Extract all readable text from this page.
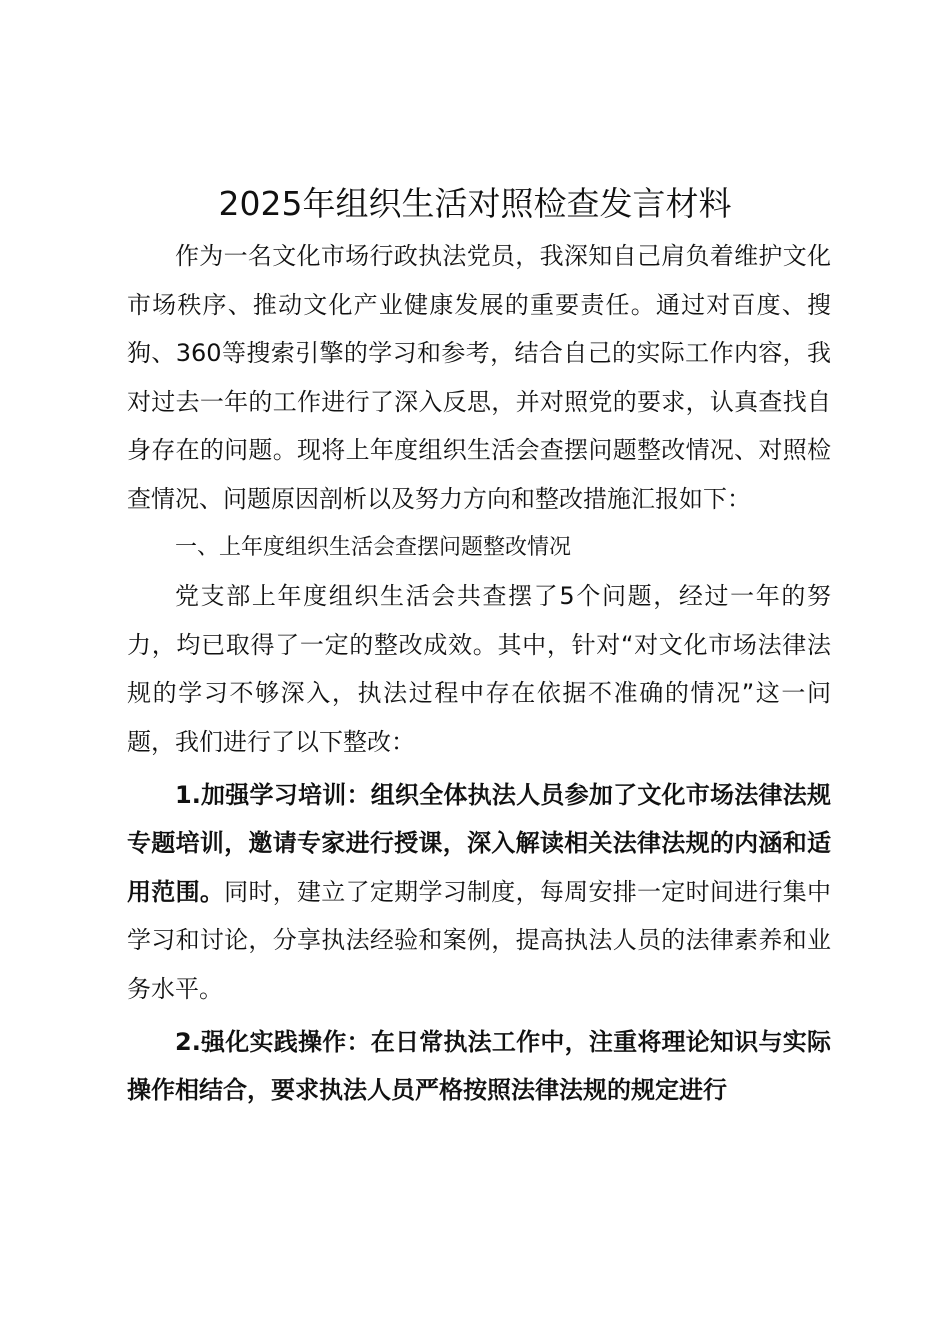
2025年组织生活对照检查发言材料

作为一名文化市场行政执法党员，我深知自己肩负着维护文化市场秩序、推动文化产业健康发展的重要责任。通过对百度、搜狗、360等搜索引擎的学习和参考，结合自己的实际工作内容，我对过去一年的工作进行了深入反思，并对照党的要求，认真查找自身存在的问题。现将上年度组织生活会查摆问题整改情况、对照检查情况、问题原因剖析以及努力方向和整改措施汇报如下：

一、上年度组织生活会查摆问题整改情况

党支部上年度组织生活会共查摆了5个问题，经过一年的努力，均已取得了一定的整改成效。其中，针对“对文化市场法律法规的学习不够深入，执法过程中存在依据不准确的情况”这一问题，我们进行了以下整改：

1.加强学习培训：组织全体执法人员参加了文化市场法律法规专题培训，邀请专家进行授课，深入解读相关法律法规的内涵和适用范围。同时，建立了定期学习制度，每周安排一定时间进行集中学习和讨论，分享执法经验和案例，提高执法人员的法律素养和业务水平。

2.强化实践操作：在日常执法工作中，注重将理论知识与实际操作相结合，要求执法人员严格按照法律法规的规定进行
